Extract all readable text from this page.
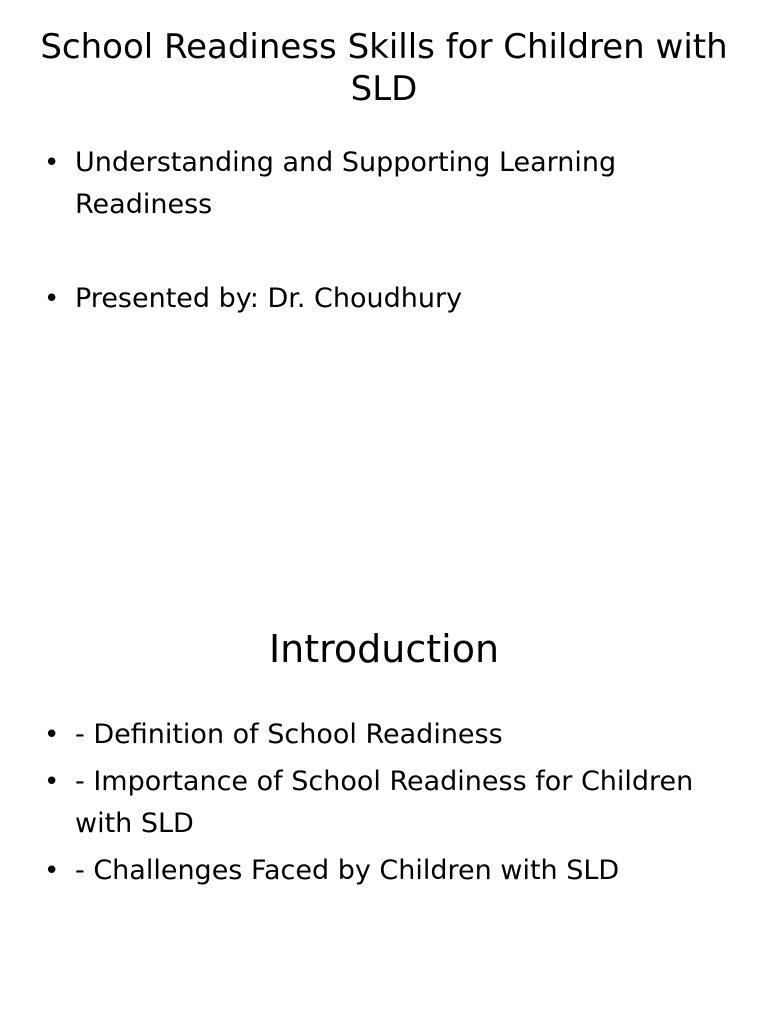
School Readiness Skills for Children with SLD
• Understanding and Supporting Learning Readiness
• Presented by: Dr. Choudhury
Introduction
• - Definition of School Readiness
• - Importance of School Readiness for Children with SLD
• - Challenges Faced by Children with SLD
